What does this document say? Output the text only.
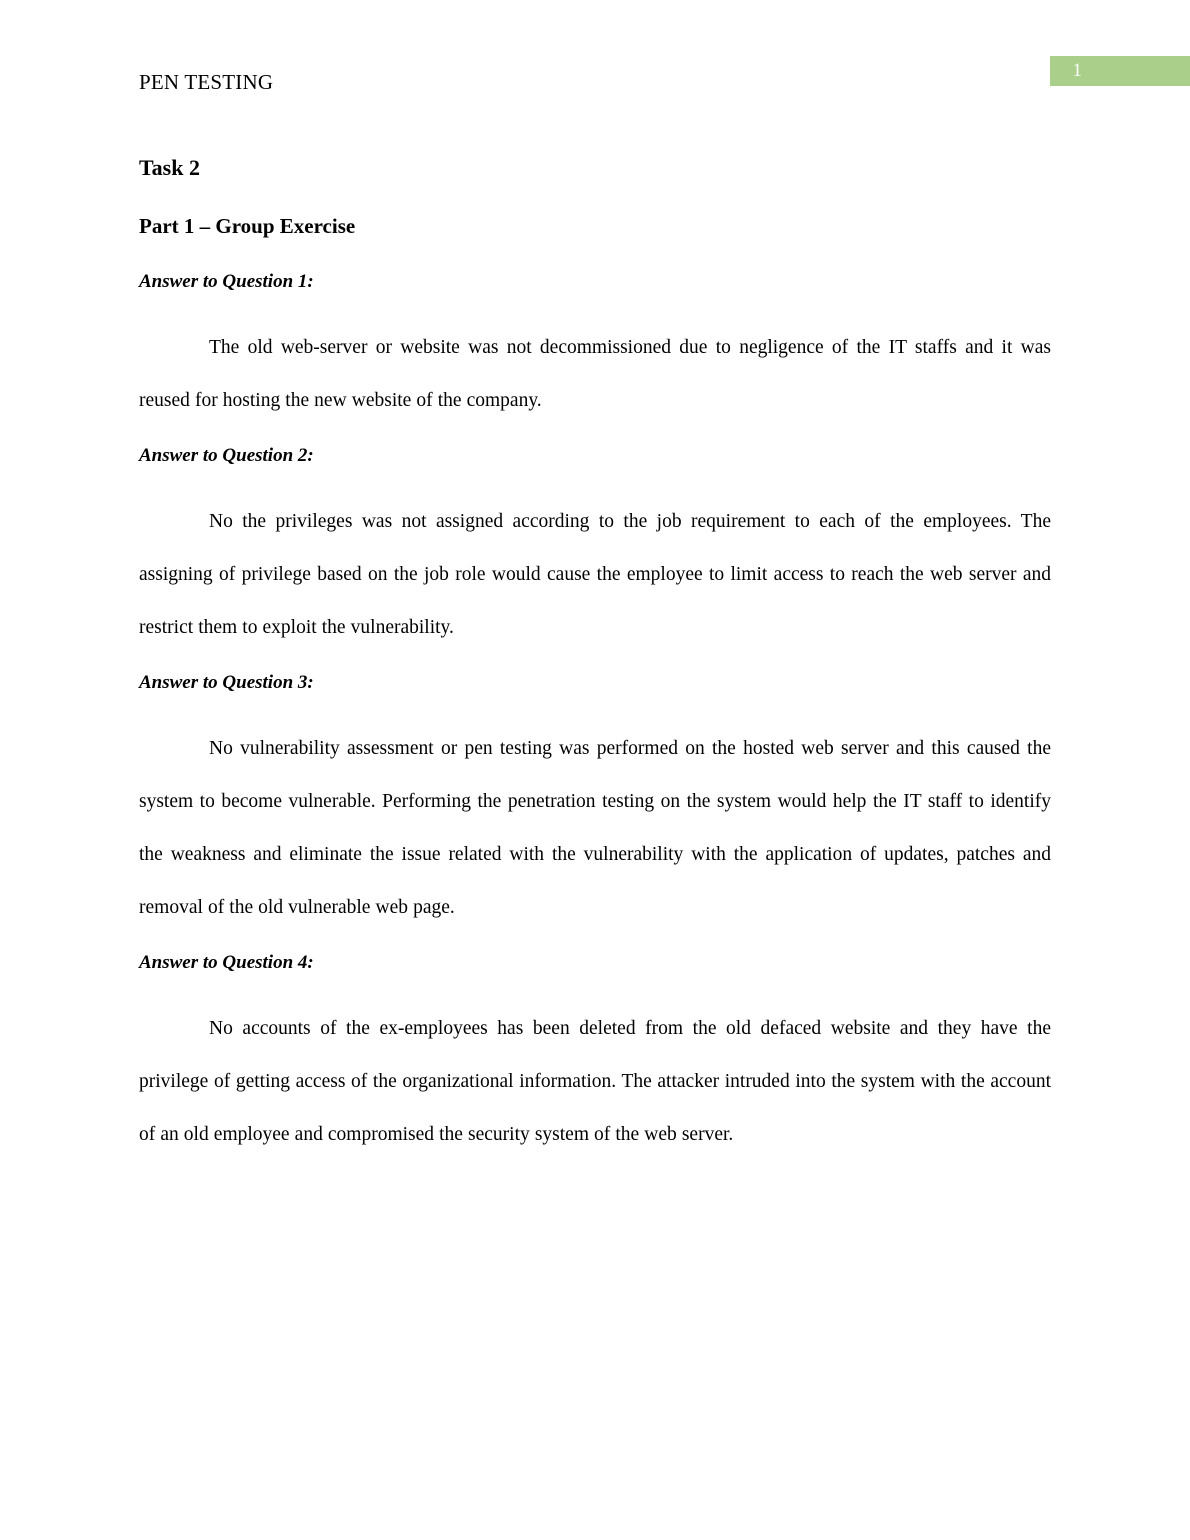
1
PEN TESTING
Task 2
Part 1 – Group Exercise
Answer to Question 1:

The old web-server or website was not decommissioned due to negligence of the IT staffs and it was reused for hosting the new website of the company.

Answer to Question 2:

No the privileges was not assigned according to the job requirement to each of the employees. The assigning of privilege based on the job role would cause the employee to limit access to reach the web server and restrict them to exploit the vulnerability.

Answer to Question 3:

No vulnerability assessment or pen testing was performed on the hosted web server and this caused the system to become vulnerable. Performing the penetration testing on the system would help the IT staff to identify the weakness and eliminate the issue related with the vulnerability with the application of updates, patches and removal of the old vulnerable web page.

Answer to Question 4:

No accounts of the ex-employees has been deleted from the old defaced website and they have the privilege of getting access of the organizational information. The attacker intruded into the system with the account of an old employee and compromised the security system of the web server.
